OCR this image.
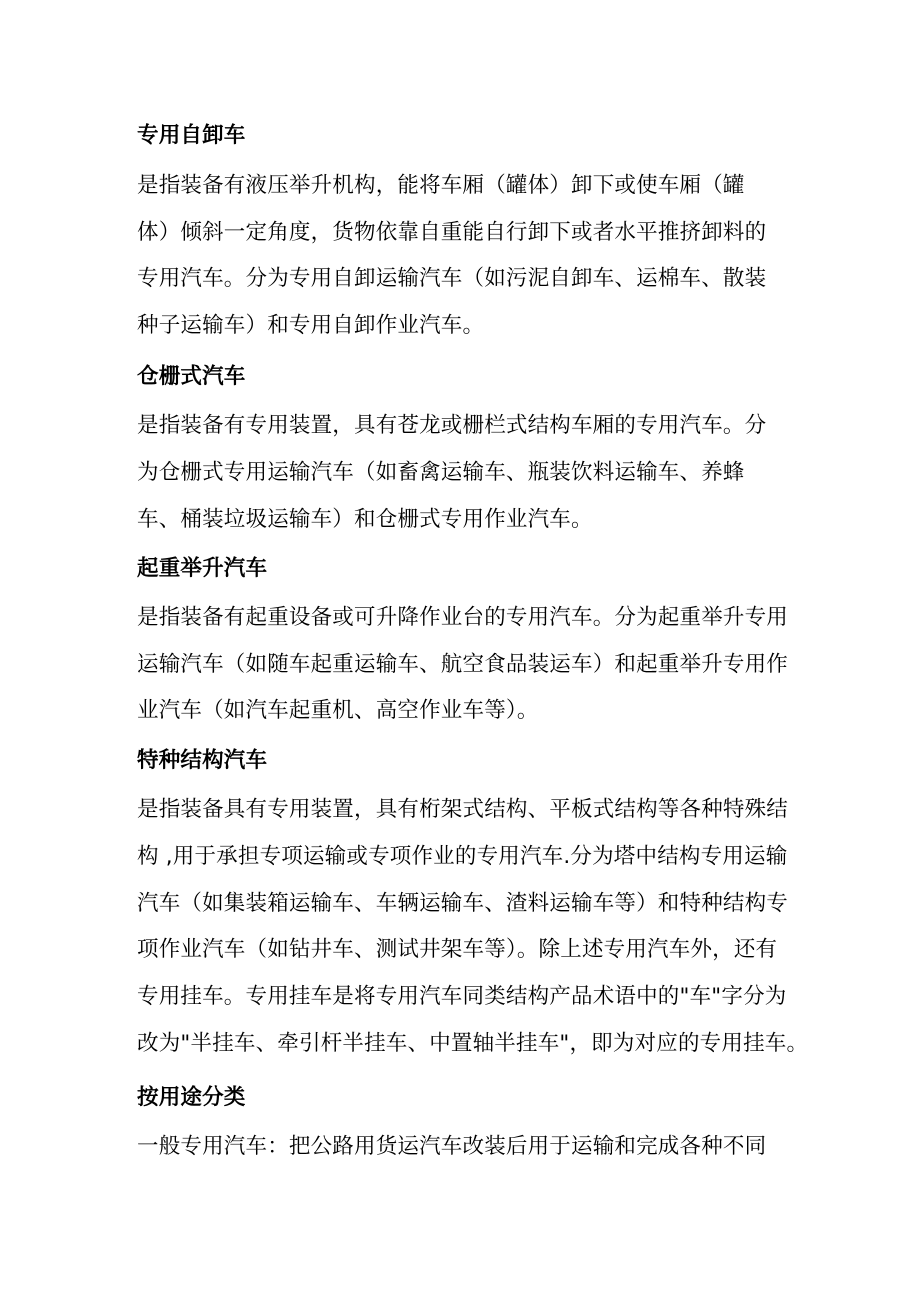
专用自卸车
是指装备有液压举升机构，能将车厢（罐体）卸下或使车厢（罐
体）倾斜一定角度，货物依靠自重能自行卸下或者水平推挤卸料的
专用汽车。分为专用自卸运输汽车（如污泥自卸车、运棉车、散装
种子运输车）和专用自卸作业汽车。
仓栅式汽车
是指装备有专用装置，具有苍龙或栅栏式结构车厢的专用汽车。分
为仓栅式专用运输汽车（如畜禽运输车、瓶装饮料运输车、养蜂
车、桶装垃圾运输车）和仓栅式专用作业汽车。
起重举升汽车
是指装备有起重设备或可升降作业台的专用汽车。分为起重举升专用
运输汽车（如随车起重运输车、航空食品装运车）和起重举升专用作
业汽车（如汽车起重机、高空作业车等）。
特种结构汽车
是指装备具有专用装置，具有桁架式结构、平板式结构等各种特殊结
构 ,用于承担专项运输或专项作业的专用汽车.分为塔中结构专用运输
汽车（如集装箱运输车、车辆运输车、渣料运输车等）和特种结构专
项作业汽车（如钻井车、测试井架车等）。除上述专用汽车外，还有
专用挂车。专用挂车是将专用汽车同类结构产品术语中的"车"字分为
改为"半挂车、牵引杆半挂车、中置轴半挂车"，即为对应的专用挂车。
按用途分类
一般专用汽车：把公路用货运汽车改装后用于运输和完成各种不同
